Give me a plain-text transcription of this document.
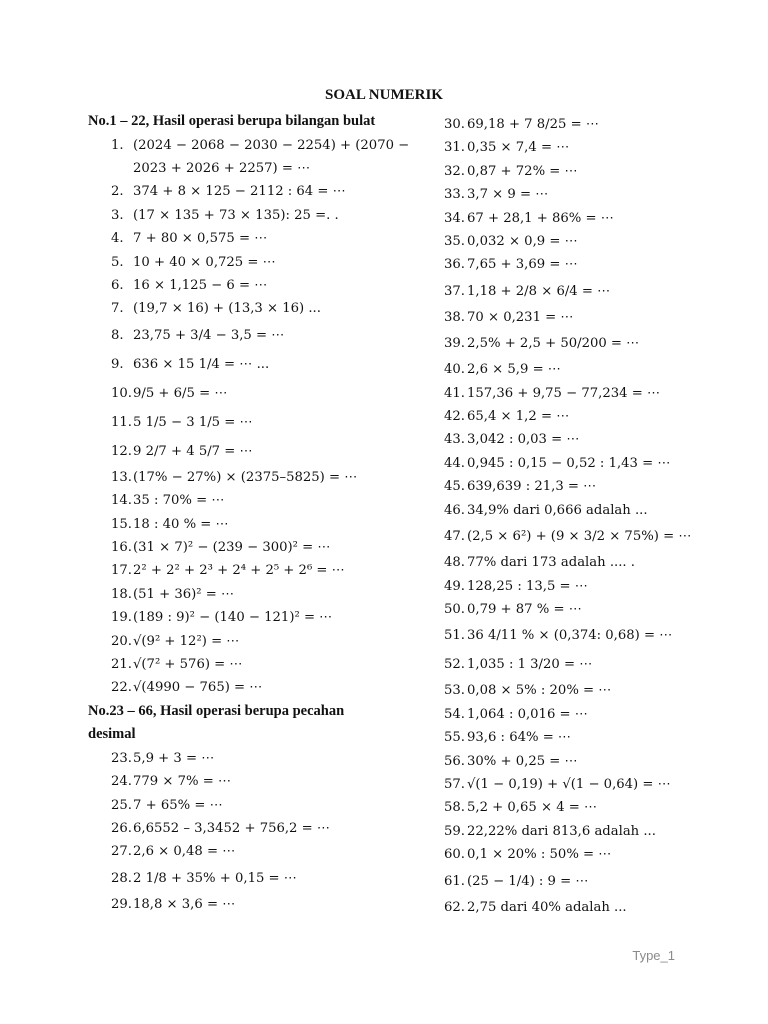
SOAL NUMERIK
No.1 – 22, Hasil operasi berupa bilangan bulat
1. (2024 − 2068 − 2030 − 2254) + (2070 −
2023 + 2026 + 2257) = ⋯
2. 374 + 8 × 125 − 2112 : 64 = ⋯
3. (17 × 135 + 73 × 135): 25 =. .
4. 7 + 80 × 0,575 = ⋯
5. 10 + 40 × 0,725 = ⋯
6. 16 × 1,125 − 6 = ⋯
7. (19,7 × 16) + (13,3 × 16) ...
8. 23,75 + 3/4 − 3,5 = ⋯
9. 636 × 15 1/4 = ⋯ ...
10. 9/5 + 6/5 = ⋯
11. 5 1/5 − 3 1/5 = ⋯
12. 9 2/7 + 4 5/7 = ⋯
13. (17% − 27%) × (2375–5825) = ⋯
14. 35 : 70% = ⋯
15. 18 : 40 % = ⋯
16. (31 × 7)² − (239 − 300)² = ⋯
17. 2² + 2² + 2³ + 2⁴ + 2⁵ + 2⁶ = ⋯
18. (51 + 36)² = ⋯
19. (189 : 9)² − (140 − 121)² = ⋯
20. √(9² + 12²) = ⋯
21. √(7² + 576) = ⋯
22. √(4990 − 765) = ⋯
No.23 – 66, Hasil operasi berupa pecahan
desimal
23. 5,9 + 3 = ⋯
24. 779 × 7% = ⋯
25. 7 + 65% = ⋯
26. 6,6552 – 3,3452 + 756,2 = ⋯
27. 2,6 × 0,48 = ⋯
28. 2 1/8 + 35% + 0,15 = ⋯
29. 18,8 × 3,6 = ⋯
30. 69,18 + 7 8/25 = ⋯
31. 0,35 × 7,4 = ⋯
32. 0,87 + 72% = ⋯
33. 3,7 × 9 = ⋯
34. 67 + 28,1 + 86% = ⋯
35. 0,032 × 0,9 = ⋯
36. 7,65 + 3,69 = ⋯
37. 1,18 + 2/8 × 6/4 = ⋯
38. 70 × 0,231 = ⋯
39. 2,5% + 2,5 + 50/200 = ⋯
40. 2,6 × 5,9 = ⋯
41. 157,36 + 9,75 − 77,234 = ⋯
42. 65,4 × 1,2 = ⋯
43. 3,042 : 0,03 = ⋯
44. 0,945 : 0,15 − 0,52 : 1,43 = ⋯
45. 639,639 : 21,3 = ⋯
46. 34,9% dari 0,666 adalah ...
47. (2,5 × 6²) + (9 × 3/2 × 75%) = ⋯
48. 77% dari 173 adalah .... .
49. 128,25 : 13,5 = ⋯
50. 0,79 + 87 % = ⋯
51. 36 4/11 % × (0,374: 0,68) = ⋯
52. 1,035 : 1 3/20 = ⋯
53. 0,08 × 5% : 20% = ⋯
54. 1,064 : 0,016 = ⋯
55. 93,6 : 64% = ⋯
56. 30% + 0,25 = ⋯
57. √(1 − 0,19) + √(1 − 0,64) = ⋯
58. 5,2 + 0,65 × 4 = ⋯
59. 22,22% dari 813,6 adalah ...
60. 0,1 × 20% : 50% = ⋯
61. (25 − 1/4) : 9 = ⋯
62. 2,75 dari 40% adalah ...
Type_1
